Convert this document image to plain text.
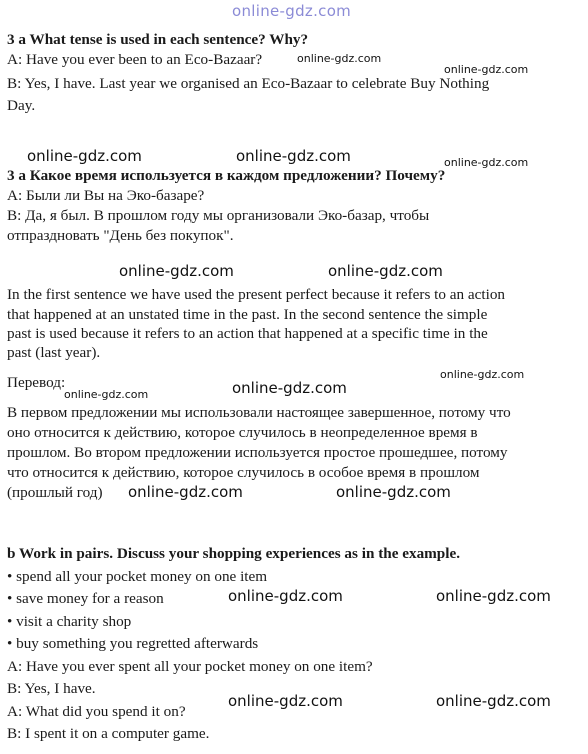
online-gdz.com
3 a What tense is used in each sentence? Why?
A: Have you ever been to an Eco-Bazaar?
B: Yes, I have. Last year we organised an Eco-Bazaar to celebrate Buy Nothing
Day.
3 а Какое время используется в каждом предложении? Почему?
А: Были ли Вы на Эко-базаре?
В: Да, я был. В прошлом году мы организовали Эко-базар, чтобы
отпраздновать "День без покупок".
In the first sentence we have used the present perfect because it refers to an action
that happened at an unstated time in the past. In the second sentence the simple
past is used because it refers to an action that happened at a specific time in the
past (last year).
Перевод:
В первом предложении мы использовали настоящее завершенное, потому что
оно относится к действию, которое случилось в неопределенное время в
прошлом. Во втором предложении используется простое прошедшее, потому
что относится к действию, которое случилось в особое время в прошлом
(прошлый год)
b Work in pairs. Discuss your shopping experiences as in the example.
• spend all your pocket money on one item
• save money for a reason
• visit a charity shop
• buy something you regretted afterwards
A: Have you ever spent all your pocket money on one item?
B: Yes, I have.
A: What did you spend it on?
B: I spent it on a computer game.
online-gdz.com
online-gdz.com
online-gdz.com	online-gdz.com	online-gdz.com
online-gdz.com	online-gdz.com
online-gdz.com
online-gdz.com
online-gdz.com
online-gdz.com	online-gdz.com
online-gdz.com	online-gdz.com
online-gdz.com	online-gdz.com
